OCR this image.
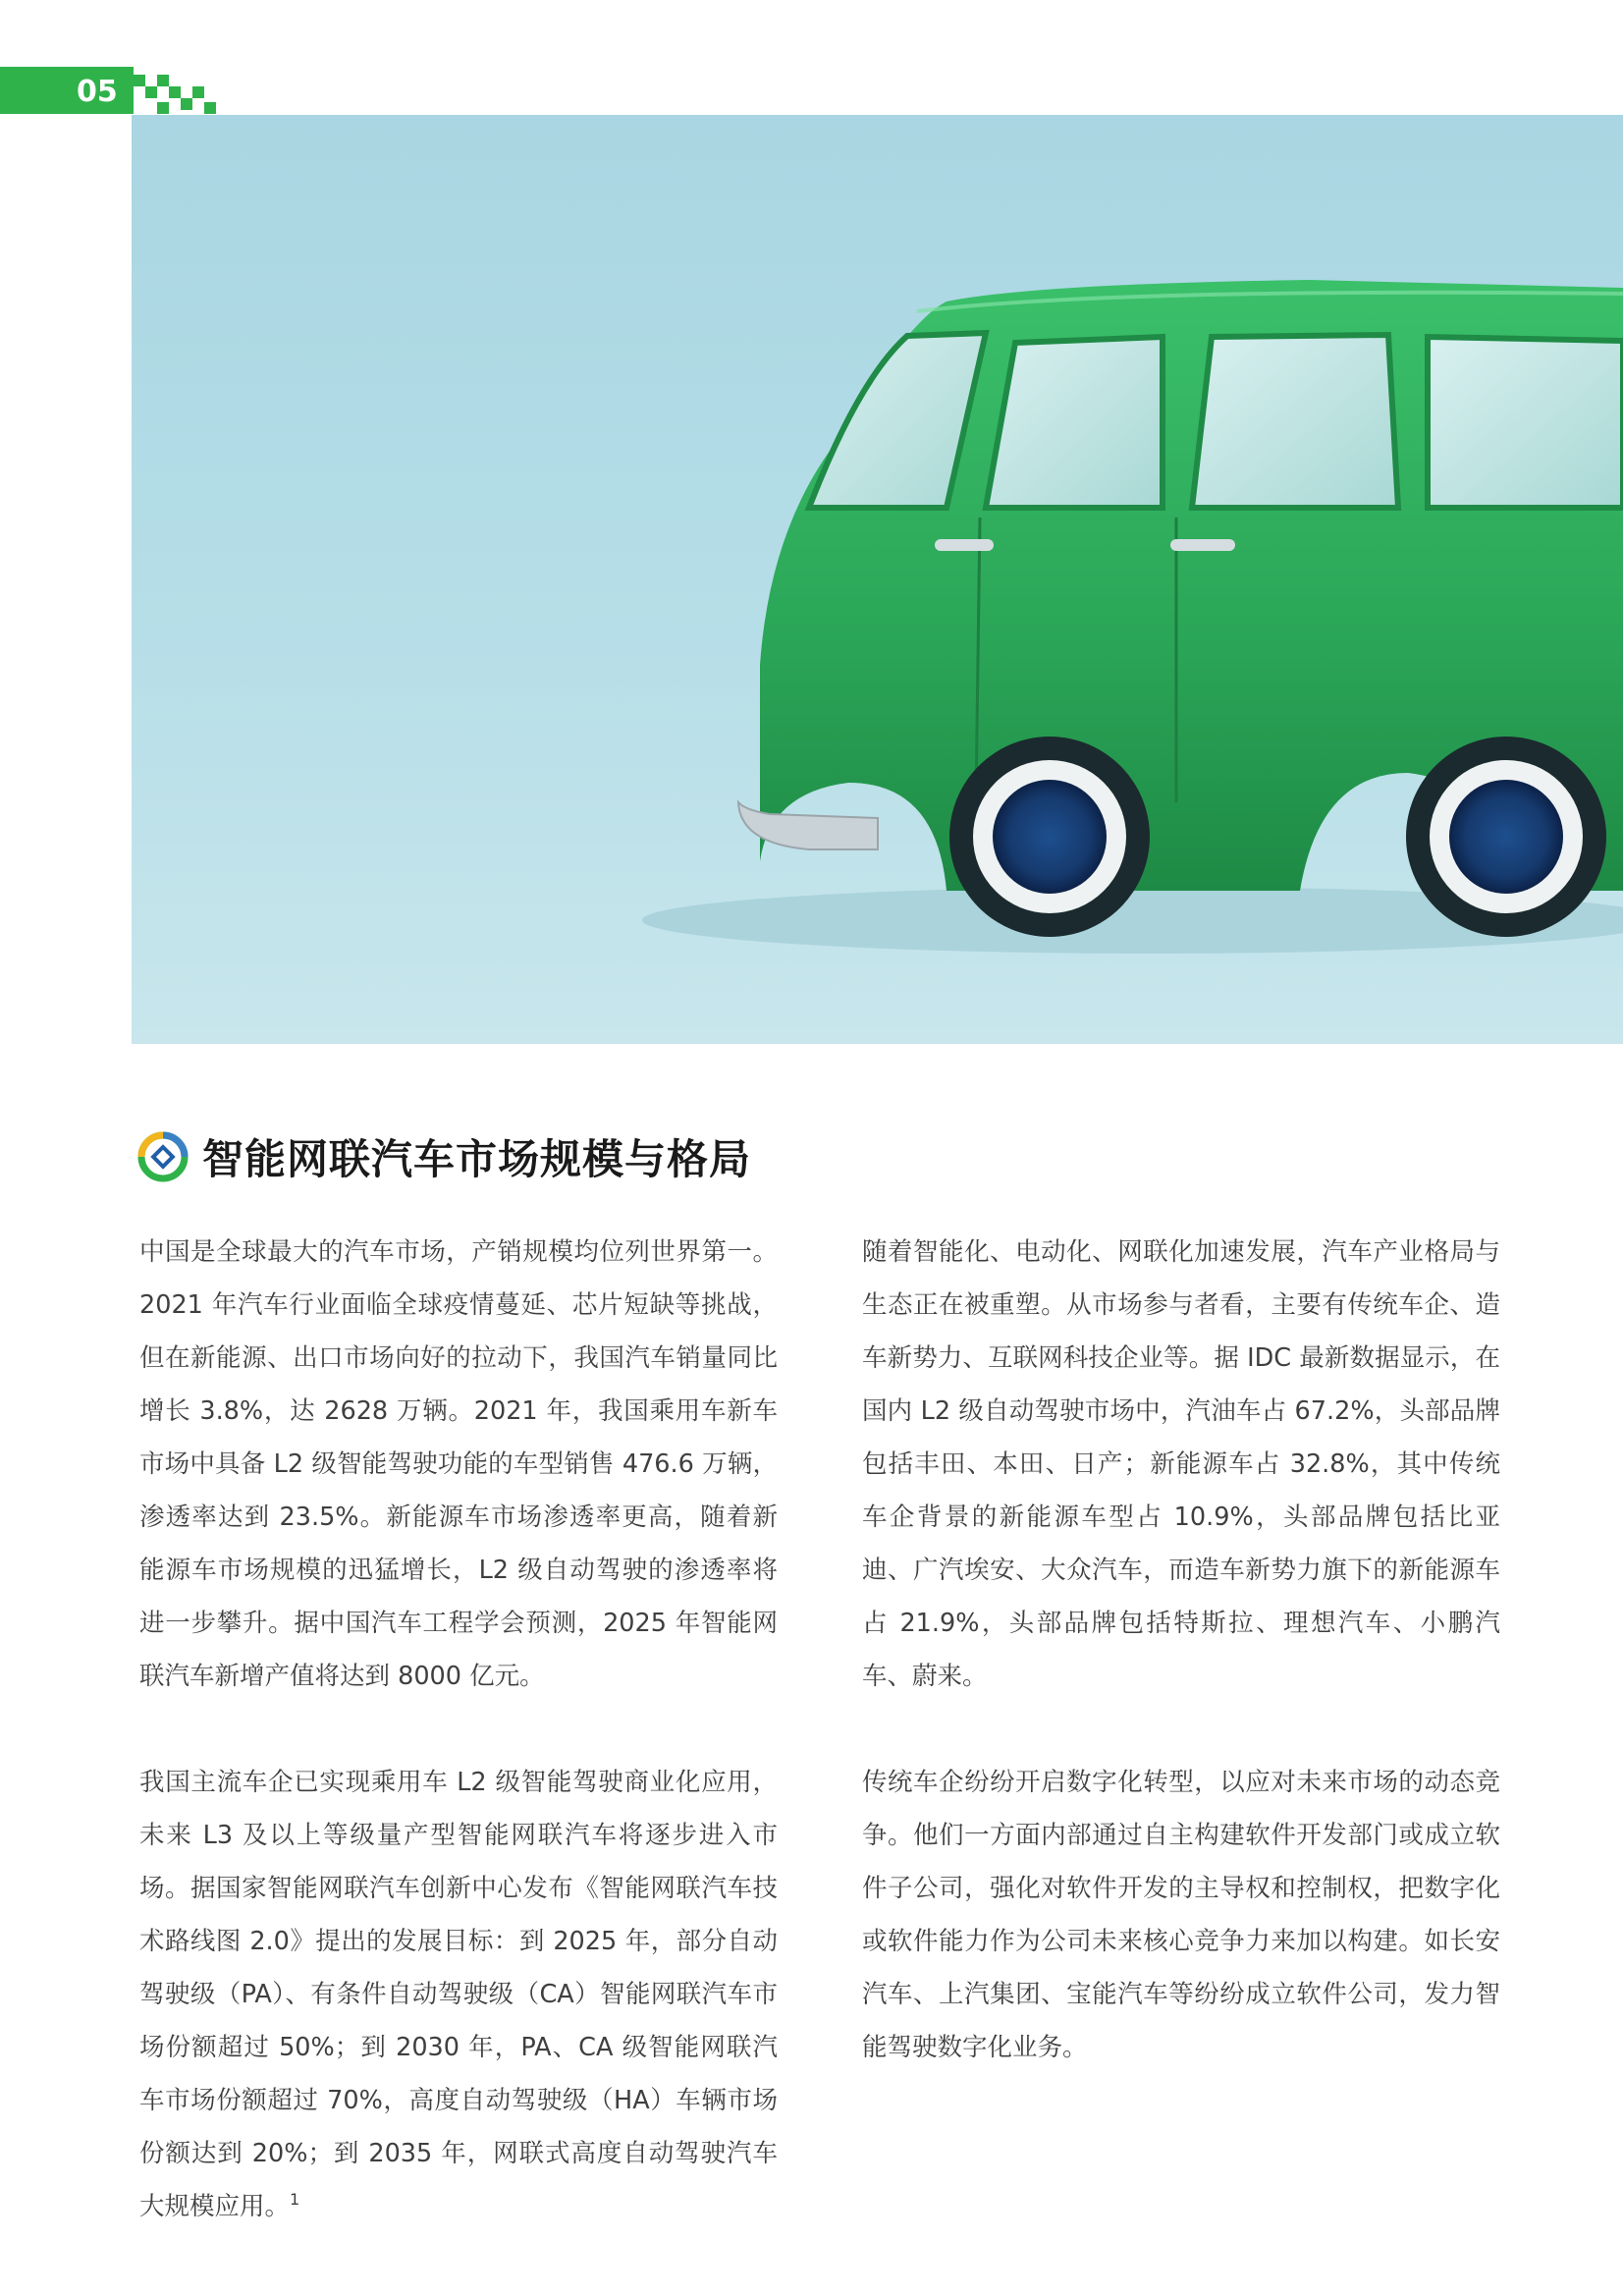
05
智能网联汽车市场规模与格局

中国是全球最大的汽车市场，产销规模均位列世界第一。2021 年汽车行业面临全球疫情蔓延、芯片短缺等挑战，但在新能源、出口市场向好的拉动下，我国汽车销量同比增长 3.8%，达 2628 万辆。2021 年，我国乘用车新车市场中具备 L2 级智能驾驶功能的车型销售 476.6 万辆，渗透率达到 23.5%。新能源车市场渗透率更高，随着新能源车市场规模的迅猛增长，L2 级自动驾驶的渗透率将进一步攀升。据中国汽车工程学会预测，2025 年智能网联汽车新增产值将达到 8000 亿元。

我国主流车企已实现乘用车 L2 级智能驾驶商业化应用，未来 L3 及以上等级量产型智能网联汽车将逐步进入市场。据国家智能网联汽车创新中心发布《智能网联汽车技术路线图 2.0》提出的发展目标：到 2025 年，部分自动驾驶级（PA）、有条件自动驾驶级（CA）智能网联汽车市场份额超过 50%；到 2030 年，PA、CA 级智能网联汽车市场份额超过 70%，高度自动驾驶级（HA）车辆市场份额达到 20%；到 2035 年，网联式高度自动驾驶汽车大规模应用。$^1$

随着智能化、电动化、网联化加速发展，汽车产业格局与生态正在被重塑。从市场参与者看，主要有传统车企、造车新势力、互联网科技企业等。据 IDC 最新数据显示，在国内 L2 级自动驾驶市场中，汽油车占 67.2%，头部品牌包括丰田、本田、日产；新能源车占 32.8%，其中传统车企背景的新能源车型占 10.9%，头部品牌包括比亚迪、广汽埃安、大众汽车，而造车新势力旗下的新能源车占 21.9%，头部品牌包括特斯拉、理想汽车、小鹏汽车、蔚来。

传统车企纷纷开启数字化转型，以应对未来市场的动态竞争。他们一方面内部通过自主构建软件开发部门或成立软件子公司，强化对软件开发的主导权和控制权，把数字化或软件能力作为公司未来核心竞争力来加以构建。如长安汽车、上汽集团、宝能汽车等纷纷成立软件公司，发力智能驾驶数字化业务。
